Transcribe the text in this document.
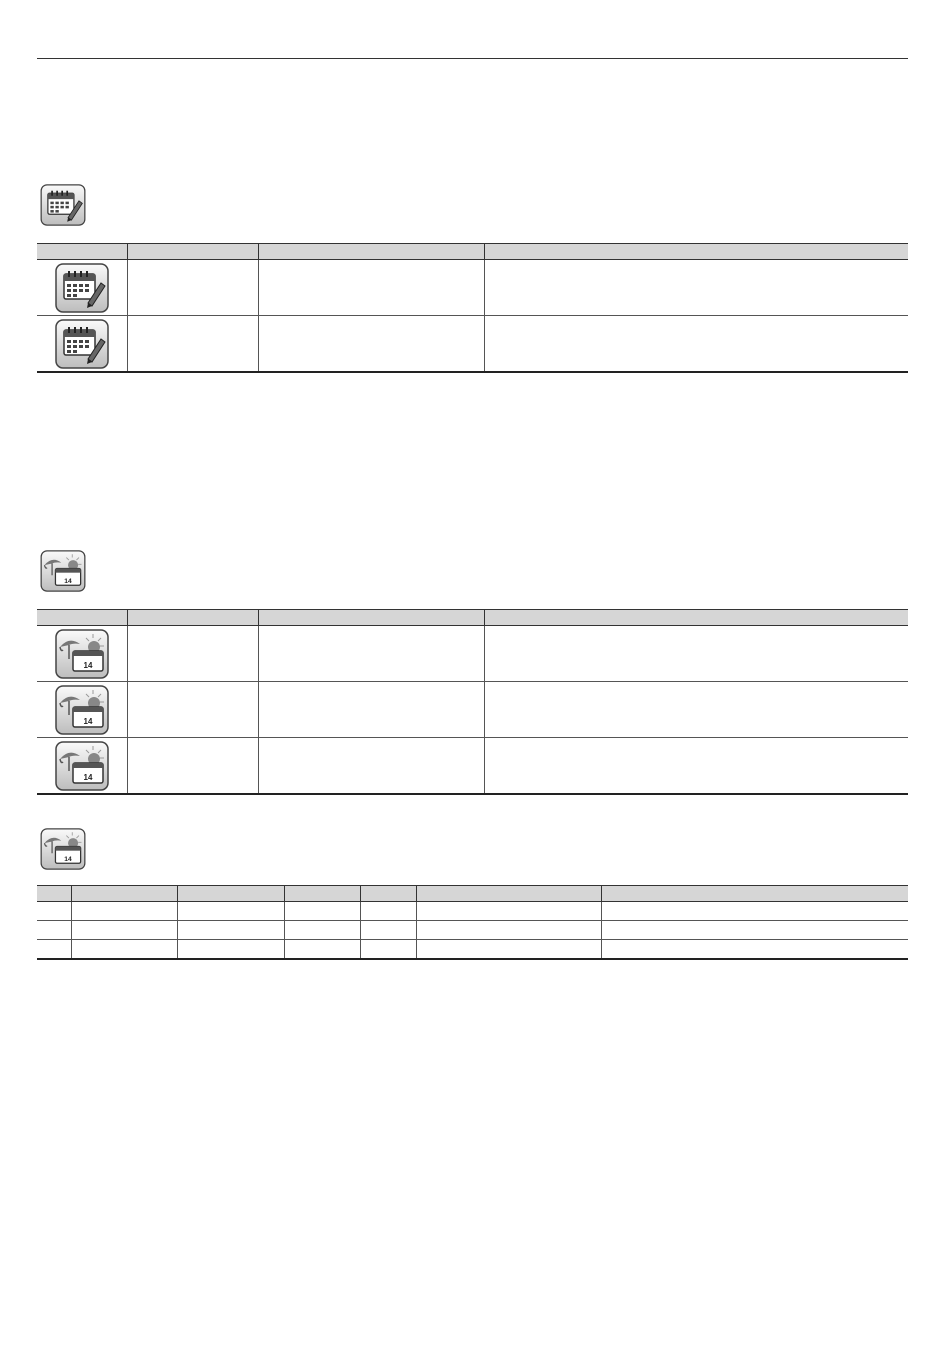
14

14			

14			

14			

14
